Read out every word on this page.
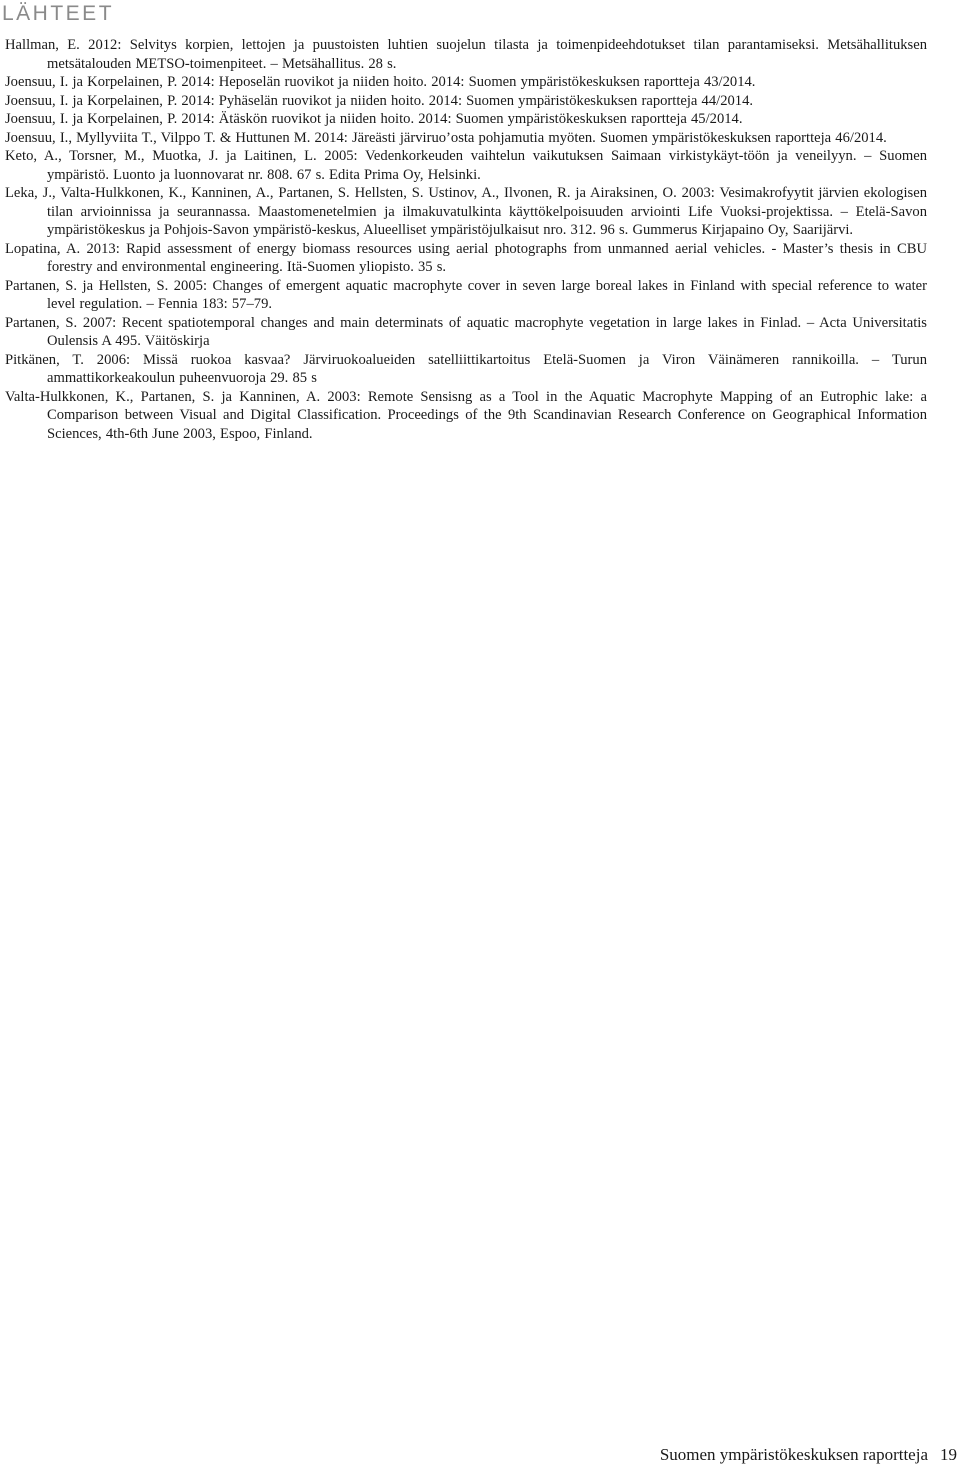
LÄHTEET
Hallman, E. 2012: Selvitys korpien, lettojen ja puustoisten luhtien suojelun tilasta ja toimenpideehdotukset tilan parantamiseksi. Metsähallituksen metsätalouden METSO-toimenpiteet. – Metsähallitus. 28 s.
Joensuu, I. ja Korpelainen, P. 2014: Heposelän ruovikot ja niiden hoito. 2014: Suomen ympäristökeskuksen raportteja 43/2014.
Joensuu, I. ja Korpelainen, P. 2014: Pyhäselän ruovikot ja niiden hoito. 2014: Suomen ympäristökeskuksen raportteja 44/2014.
Joensuu, I. ja Korpelainen, P. 2014: Ätäskön ruovikot ja niiden hoito. 2014: Suomen ympäristökeskuksen raportteja 45/2014.
Joensuu, I., Myllyviita T., Vilppo T. & Huttunen M. 2014: Järeästi järviruo’osta pohjamutia myöten. Suomen ympäristökeskuksen raportteja 46/2014.
Keto, A., Torsner, M., Muotka, J. ja Laitinen, L. 2005: Vedenkorkeuden vaihtelun vaikutuksen Saimaan virkistykäyt-töön ja veneilyyn. – Suomen ympäristö. Luonto ja luonnovarat nr. 808. 67 s. Edita Prima Oy, Helsinki.
Leka, J., Valta-Hulkkonen, K., Kanninen, A., Partanen, S. Hellsten, S. Ustinov, A., Ilvonen, R. ja Airaksinen, O. 2003: Vesimakrofyytit järvien ekologisen tilan arvioinnissa ja seurannassa. Maastomenetelmien ja ilmakuvatulkinta käyttökelpoisuuden arviointi Life Vuoksi-projektissa. – Etelä-Savon ympäristökeskus ja Pohjois-Savon ympäristö-keskus, Alueelliset ympäristöjulkaisut nro. 312. 96 s. Gummerus Kirjapaino Oy, Saarijärvi.
Lopatina, A. 2013: Rapid assessment of energy biomass resources using aerial photographs from unmanned aerial vehicles. - Master’s thesis in CBU forestry and environmental engineering. Itä-Suomen yliopisto. 35 s.
Partanen, S. ja Hellsten, S. 2005: Changes of emergent aquatic macrophyte cover in seven large boreal lakes in Finland with special reference to water level regulation. – Fennia 183: 57–79.
Partanen, S. 2007: Recent spatiotemporal changes and main determinats of aquatic macrophyte vegetation in large lakes in Finlad. – Acta Universitatis Oulensis A 495. Väitöskirja
Pitkänen, T. 2006: Missä ruokoa kasvaa? Järviruokoalueiden satelliittikartoitus Etelä-Suomen ja Viron Väinämeren rannikoilla. – Turun ammattikorkeakoulun puheenvuoroja 29. 85 s
Valta-Hulkkonen, K., Partanen, S. ja Kanninen, A. 2003: Remote Sensisng as a Tool in the Aquatic Macrophyte Mapping of an Eutrophic lake: a Comparison between Visual and Digital Classification. Proceedings of the 9th Scandinavian Research Conference on Geographical Information Sciences, 4th-6th June 2003, Espoo, Finland.
Suomen ympäristökeskuksen raportteja 19
